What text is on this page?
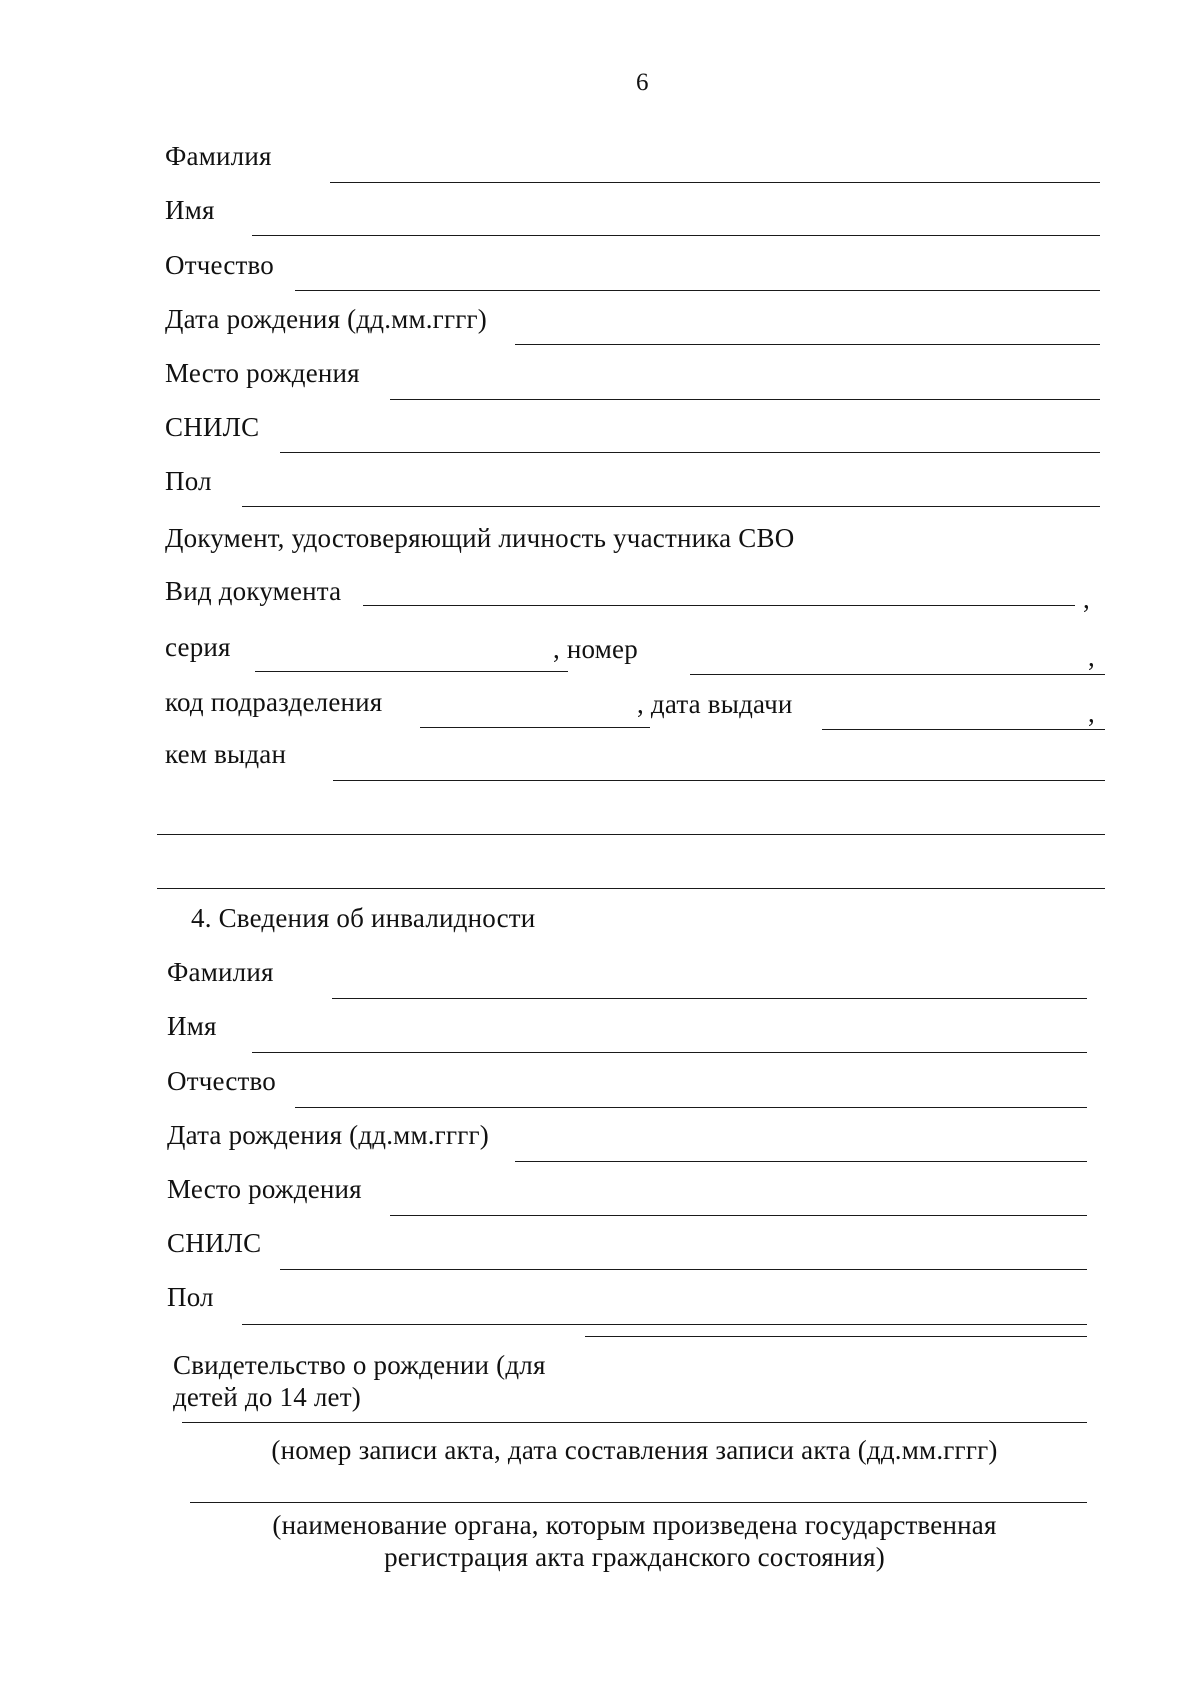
6
Фамилия
Имя
Отчество
Дата рождения (дд.мм.гггг)
Место рождения
СНИЛС
Пол
Документ, удостоверяющий личность участника СВО
Вид документа	,
серия	, номер	,
код подразделения	, дата выдачи	,
кем выдан
4. Сведения об инвалидности
Фамилия
Имя
Отчество
Дата рождения (дд.мм.гггг)
Место рождения
СНИЛС
Пол
Свидетельство о рождении (для
детей до 14 лет)
(номер записи акта, дата составления записи акта (дд.мм.гггг)
(наименование органа, которым произведена государственная
регистрация акта гражданского состояния)
